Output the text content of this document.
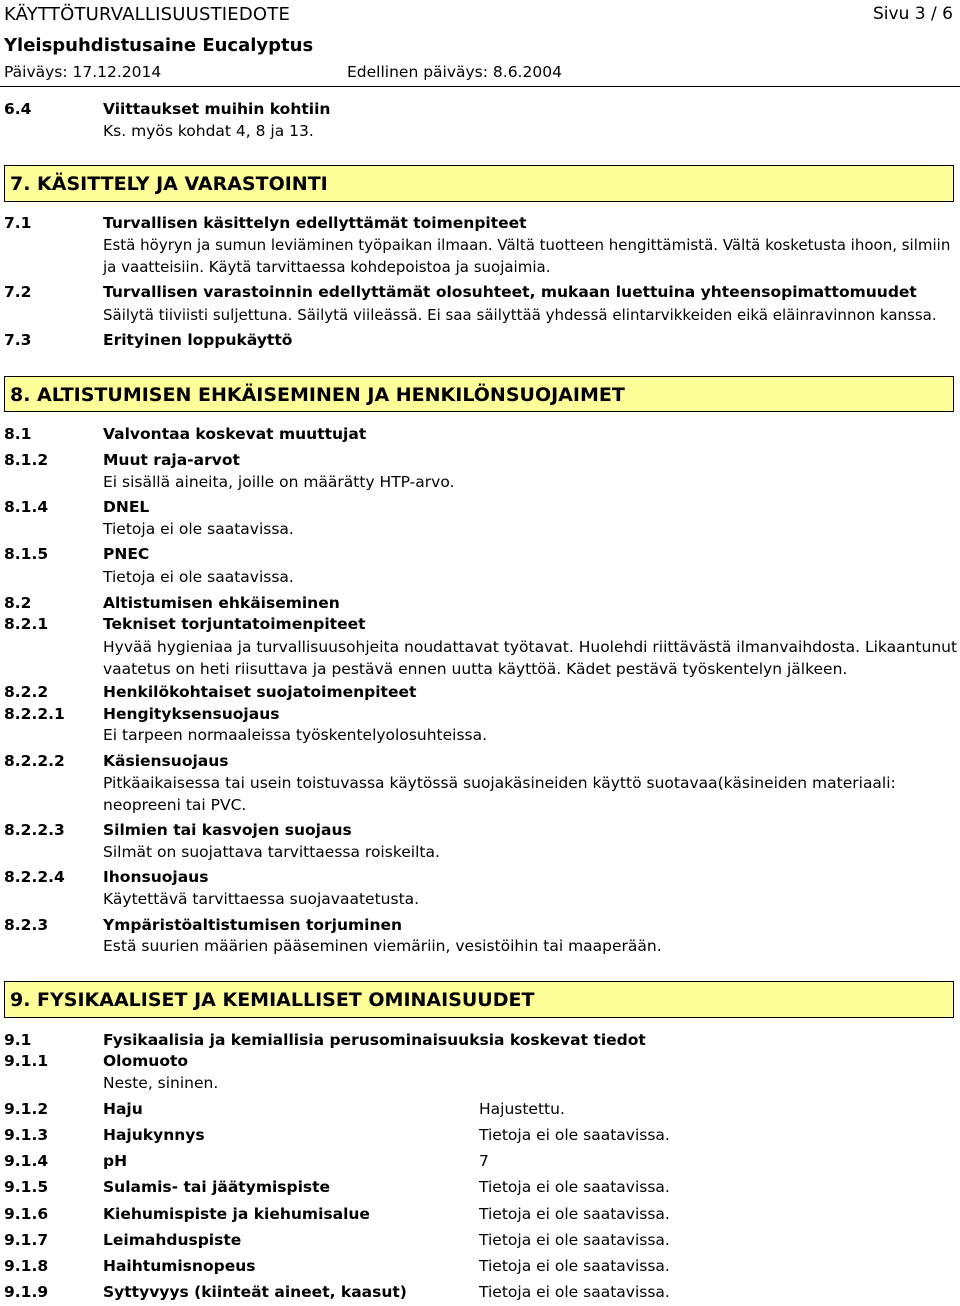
KÄYTTÖTURVALLISUUSTIEDOTE	Sivu 3 / 6
Yleispuhdistusaine Eucalyptus
Päiväys: 17.12.2014	Edellinen päiväys: 8.6.2004
6.4	Viittaukset muihin kohtiin
Ks. myös kohdat 4, 8 ja 13.
7. KÄSITTELY JA VARASTOINTI
7.1	Turvallisen käsittelyn edellyttämät toimenpiteet
Estä höyryn ja sumun leviäminen työpaikan ilmaan. Vältä tuotteen hengittämistä. Vältä kosketusta ihoon, silmiin ja vaatteisiin. Käytä tarvittaessa kohdepoistoa ja suojaimia.
7.2	Turvallisen varastoinnin edellyttämät olosuhteet, mukaan luettuina yhteensopimattomuudet
Säilytä tiiviisti suljettuna. Säilytä viileässä. Ei saa säilyttää yhdessä elintarvikkeiden eikä eläinravinnon kanssa.
7.3	Erityinen loppukäyttö
8. ALTISTUMISEN EHKÄISEMINEN JA HENKILÖNSUOJAIMET
8.1	Valvontaa koskevat muuttujat
8.1.2	Muut raja-arvot
Ei sisällä aineita, joille on määrätty HTP-arvo.
8.1.4	DNEL
Tietoja ei ole saatavissa.
8.1.5	PNEC
Tietoja ei ole saatavissa.
8.2	Altistumisen ehkäiseminen
8.2.1	Tekniset torjuntatoimenpiteet
Hyvää hygieniaa ja turvallisuusohjeita noudattavat työtavat. Huolehdi riittävästä ilmanvaihdosta. Likaantunut vaatetus on heti riisuttava ja pestävä ennen uutta käyttöä. Kädet pestävä työskentelyn jälkeen.
8.2.2	Henkilökohtaiset suojatoimenpiteet
8.2.2.1 Hengityksensuojaus
Ei tarpeen normaaleissa työskentelyolosuhteissa.
8.2.2.2 Käsiensuojaus
Pitkäaikaisessa tai usein toistuvassa käytössä suojakäsineiden käyttö suotavaa(käsineiden materiaali: neopreeni tai PVC.
8.2.2.3 Silmien tai kasvojen suojaus
Silmät on suojattava tarvittaessa roiskeilta.
8.2.2.4 Ihonsuojaus
Käytettävä tarvittaessa suojavaatetusta.
8.2.3	Ympäristöaltistumisen torjuminen
Estä suurien määrien pääseminen viemäriin, vesistöihin tai maaperään.
9. FYSIKAALISET JA KEMIALLISET OMINAISUUDET
9.1	Fysikaalisia ja kemiallisia perusominaisuuksia koskevat tiedot
9.1.1	Olomuoto
Neste, sininen.
9.1.2	Haju	Hajustettu.
9.1.3	Hajukynnys	Tietoja ei ole saatavissa.
9.1.4	pH	7
9.1.5	Sulamis- tai jäätymispiste	Tietoja ei ole saatavissa.
9.1.6	Kiehumispiste ja kiehumisalue	Tietoja ei ole saatavissa.
9.1.7	Leimahduspiste	Tietoja ei ole saatavissa.
9.1.8	Haihtumisnopeus	Tietoja ei ole saatavissa.
9.1.9	Syttyvyys (kiinteät aineet, kaasut)	Tietoja ei ole saatavissa.
